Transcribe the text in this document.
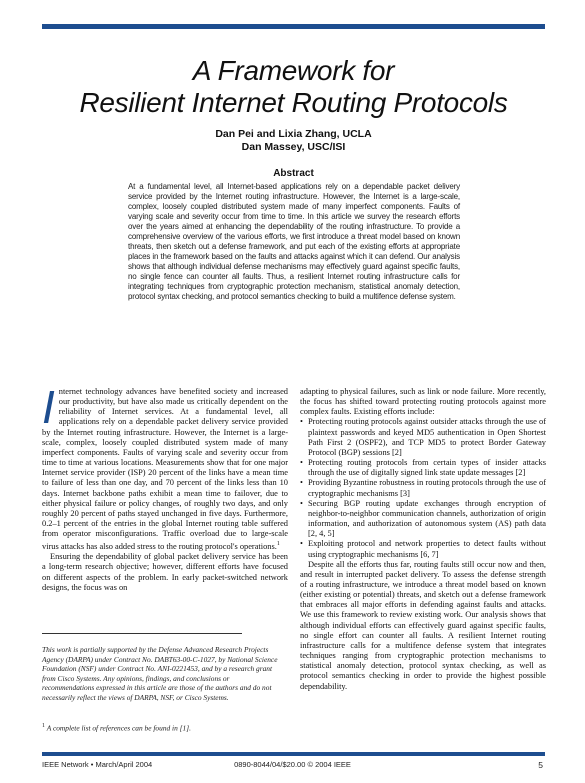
A Framework for
Resilient Internet Routing Protocols
Dan Pei and Lixia Zhang, UCLA
Dan Massey, USC/ISI
Abstract
At a fundamental level, all Internet-based applications rely on a dependable packet delivery service provided by the Internet routing infrastructure. However, the Internet is a large-scale, complex, loosely coupled distributed system made of many imperfect components. Faults of varying scale and severity occur from time to time. In this article we survey the research efforts over the years aimed at enhancing the dependability of the routing infrastructure. To provide a comprehensive overview of the various efforts, we first introduce a threat model based on known threats, then sketch out a defense framework, and put each of the existing efforts at appropriate places in the framework based on the faults and attacks against which it can defend. Our analysis shows that although individual defense mechanisms may effectively guard against specific faults, no single fence can counter all faults. Thus, a resilient Internet routing infrastructure calls for integrating techniques from cryptographic protection mechanism, statistical anomaly detection, protocol syntax checking, and protocol semantics checking to build a multifence defense system.

Internet technology advances have benefited society and increased our productivity, but have also made us critically dependent on the reliability of Internet services. At a fundamental level, all applications rely on a dependable packet delivery service provided by the Internet routing infrastructure. However, the Internet is a large-scale, complex, loosely coupled distributed system made of many imperfect components. Faults of varying scale and severity occur from time to time at various locations. Measurements show that for one major Internet service provider (ISP) 20 percent of the links have a mean time to failure of less than one day, and 70 percent of the links less than 10 days. Internet backbone paths exhibit a mean time to failover, due to either physical failure or policy changes, of roughly two days, and only roughly 20 percent of paths stayed unchanged in five days. Furthermore, 0.2–1 percent of the entries in the global Internet routing table suffered from operator misconfigurations. Traffic overload due to large-scale virus attacks has also added stress to the routing protocol's operations.$^1$

Ensuring the dependability of global packet delivery service has been a long-term research objective; however, different efforts have focused on different aspects of the problem. In early packet-switched network designs, the focus was on

adapting to physical failures, such as link or node failure. More recently, the focus has shifted toward protecting routing protocols against more complex faults. Existing efforts include:

• Protecting routing protocols against outsider attacks through the use of plaintext passwords and keyed MD5 authentication in Open Shortest Path First 2 (OSPF2), and TCP MD5 to protect Border Gateway Protocol (BGP) sessions [2]
• Protecting routing protocols from certain types of insider attacks through the use of digitally signed link state update messages [2]
• Providing Byzantine robustness in routing protocols through the use of cryptographic mechanisms [3]
• Securing BGP routing update exchanges through encryption of neighbor-to-neighbor communication channels, authorization of origin information, and authorization of autonomous system (AS) path data [2, 4, 5]
• Exploiting protocol and network properties to detect faults without using cryptographic mechanisms [6, 7]

Despite all the efforts thus far, routing faults still occur now and then, and result in interrupted packet delivery. To assess the defense strength of a routing infrastructure, we introduce a threat model based on known (either existing or potential) threats, and sketch out a defense framework that embraces all major efforts in defending against faults and attacks. We use this framework to review existing work. Our analysis shows that although individual efforts can effectively guard against specific faults, no single effort can counter all faults. A resilient Internet routing infrastructure calls for a multifence defense system that integrates techniques ranging from cryptographic protection mechanisms to statistical anomaly detection, protocol syntax checking, as well as protocol semantics checking in order to provide the highest possible dependability.

This work is partially supported by the Defense Advanced Research Projects Agency (DARPA) under Contract No. DABT63-00-C-1027, by National Science Foundation (NSF) under Contract No. ANI-0221453, and by a research grant from Cisco Systems. Any opinions, findings, and conclusions or recommendations expressed in this article are those of the authors and do not necessarily reflect the views of DARPA, NSF, or Cisco Systems.
$^1$ A complete list of references can be found in [1].
IEEE Network • March/April 2004	0890-8044/04/$20.00 © 2004 IEEE	5
